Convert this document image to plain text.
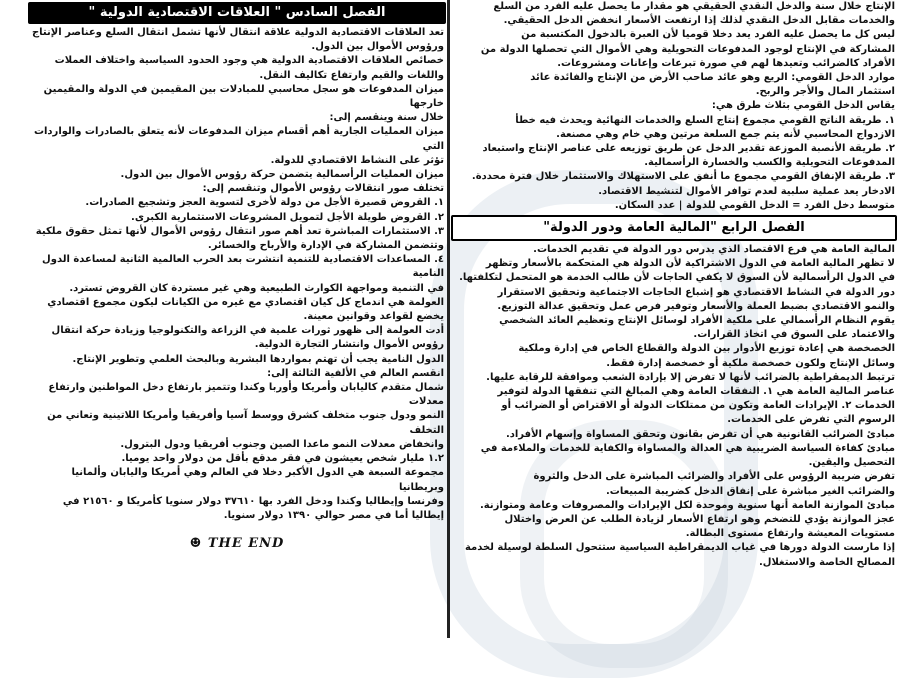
الإنتاج خلال سنة والدخل النقدي الحقيقي هو مقدار ما يحصل عليه الفرد من السلع

والخدمات مقابل الدخل النقدي لذلك إذا ارتفعت الأسعار انخفض الدخل الحقيقي.

ليس كل ما يحصل عليه الفرد يعد دخلا قوميا لأن العبرة بالدخول المكتسبة من

المشاركة في الإنتاج لوجود المدفوعات التحويلية وهي الأموال التي تحصلها الدولة من

الأفراد كالضرائب وتعيدها لهم في صورة تبرعات وإعانات ومشروعات.

موارد الدخل القومي: الريع وهو عائد صاحب الأرض من الإنتاج والفائدة عائد

استثمار المال والأجر والربح.

يقاس الدخل القومي بثلاث طرق هي:

١. طريقة الناتج القومي مجموع إنتاج السلع والخدمات النهائية ويحدث فيه خطأ

الازدواج المحاسبي لأنه يتم جمع السلعة مرتين وهي خام وهي مصنعة.

٢. طريقة الأنصبة الموزعة تقدير الدخل عن طريق توزيعه على عناصر الإنتاج واستبعاد

المدفوعات التحويلية والكسب والخسارة الرأسمالية.

٣. طريقة الإنفاق القومي مجموع ما أنفق على الاستهلاك والاستثمار خلال فترة محددة.

الادخار يعد عملية سلبية لعدم توافر الأموال لتنشيط الاقتصاد.

متوسط دخل الفرد = الدخل القومي للدولة | عدد السكان.

الفصل الرابع "المالية العامة ودور الدولة"

المالية العامة هي فرع الاقتصاد الذي يدرس دور الدولة في تقديم الخدمات.

لا تظهر المالية العامة في الدول الاشتراكية لأن الدولة هي المتحكمة بالأسعار وتظهر

في الدول الرأسمالية لأن السوق لا يكفي الحاجات لأن طالب الخدمة هو المتحمل لتكلفتها.

دور الدولة في النشاط الاقتصادي هو إشباع الحاجات الاجتماعية وتحقيق الاستقرار

والنمو الاقتصادي بضبط العملة والأسعار وتوفير فرص عمل وتحقيق عدالة التوزيع.

يقوم النظام الرأسمالي على ملكية الأفراد لوسائل الإنتاج وتعظيم العائد الشخصي

والاعتماد على السوق في اتخاذ القرارات.

الخصخصة هي إعادة توزيع الأدوار بين الدولة والقطاع الخاص في إدارة وملكية

وسائل الإنتاج ولكون خصخصة ملكية أو خصخصة إدارة فقط.

ترتبط الديمقراطية بالضرائب لأنها لا تفرض إلا بإرادة الشعب وموافقة للرقابة عليها.

عناصر المالية العامة هي ١. النفقات العامة وهي المبالغ التي تنفقها الدولة لتوفير

الخدمات ٢. الإيرادات العامة وتكون من ممتلكات الدولة أو الاقتراض أو الضرائب أو

الرسوم التي تفرض على الخدمات.

مبادئ الضرائب القانونية هي أن تفرض بقانون وتحقق المساواة وإسهام الأفراد.

مبادئ كفاءة السياسة الضريبية هي العدالة والمساواة والكفاية للخدمات والملاءمة في

التحصيل واليقين.

تفرض ضريبة الرؤوس على الأفراد والضرائب المباشرة على الدخل والثروة

والضرائب الغير مباشرة على إنفاق الدخل كضريبة المبيعات.

مبادئ الموازنة العامة أنها سنوية وموحدة لكل الإيرادات والمصروفات وعامة ومتوازنة.

عجز الموازنة يؤدي للتضخم وهو ارتفاع الأسعار لزيادة الطلب عن العرض واختلال

مستويات المعيشة وارتفاع مستوى البطالة.

إذا مارست الدولة دورها في غياب الديمقراطية السياسية ستتحول السلطة لوسيلة لخدمة

المصالح الخاصة والاستغلال.

الفصل السادس " العلاقات الاقتصادية الدولية "

تعد العلاقات الاقتصادية الدولية علاقة انتقال لأنها تشمل انتقال السلع وعناصر الإنتاج

ورؤوس الأموال بين الدول.

خصائص العلاقات الاقتصادية الدولية هي وجود الحدود السياسية واختلاف العملات

واللغات والقيم وارتفاع تكاليف النقل.

ميزان المدفوعات هو سجل محاسبي للمبادلات بين المقيمين في الدولة والمقيمين خارجها

خلال سنة وينقسم إلى:

ميزان العمليات الجارية أهم أقسام ميزان المدفوعات لأنه يتعلق بالصادرات والواردات التي

تؤثر على النشاط الاقتصادي للدولة.

ميزان العمليات الرأسمالية يتضمن حركة رؤوس الأموال بين الدول.

تختلف صور انتقالات رؤوس الأموال وتنقسم إلى:

١. القروض قصيرة الأجل من دولة لأخرى لتسوية العجز وتشجيع الصادرات.

٢. القروض طويلة الأجل لتمويل المشروعات الاستثمارية الكبرى.

٣. الاستثمارات المباشرة تعد أهم صور انتقال رؤوس الأموال لأنها تمثل حقوق ملكية

وتتضمن المشاركة في الإدارة والأرباح والخسائر.

٤. المساعدات الاقتصادية للتنمية انتشرت بعد الحرب العالمية الثانية لمساعدة الدول النامية

في التنمية ومواجهة الكوارث الطبيعية وهي غير مستردة كان القروض تسترد.

العولمة هي اندماج كل كيان اقتصادي مع غيره من الكيانات ليكون مجموع اقتصادي

يخضع لقواعد وقوانين معينة.

أدت العولمة إلى ظهور ثورات علمية في الزراعة والتكنولوجيا وزيادة حركة انتقال

رؤوس الأموال وانتشار التجارة الدولية.

الدول النامية يجب أن تهتم بمواردها البشرية وبالبحث العلمي وتطوير الإنتاج.

انقسم العالم في الألفية الثالثة إلى:

شمال متقدم كاليابان وأمريكا وأوربا وكندا وتتميز بارتفاع دخل المواطنين وارتفاع معدلات

النمو ودول جنوب متخلف كشرق ووسط آسيا وأفريقيا وأمريكا اللاتينية وتعاني من التخلف

وانخفاض معدلات النمو ماعدا الصين وجنوب أفريقيا ودول البترول.

١.٢ مليار شخص يعيشون في فقر مدقع بأقل من دولار واحد يوميا.

مجموعة السبعة هي الدول الأكبر دخلا في العالم وهي أمريكا واليابان وألمانيا وبريطانيا

وفرنسا وإيطاليا وكندا ودخل الفرد بها ٣٧٦١٠ دولار سنويا كأمريكا و ٢١٥٦٠ في

إيطاليا أما في مصر حوالي ١٣٩٠ دولار سنويا.

THE END ☻
